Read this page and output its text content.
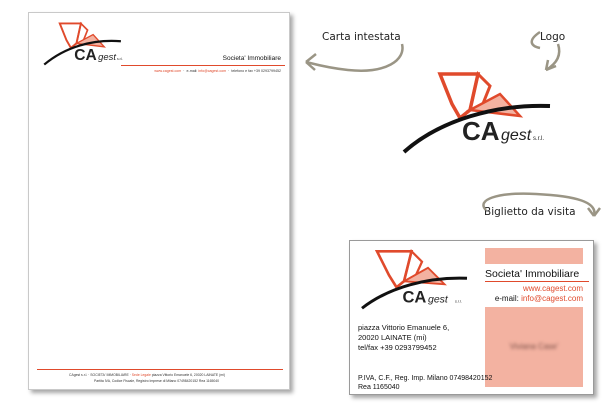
CA gest s.r.l.	Societa' Immobiliare
www.cagest.com  ·  e-mail: info@cagest.com  ·  telefono e fax +39 0293799452
CAgest s.r.l. · SOCIETA' IMMOBILIARE · Sede Legale piazza Vittorio Emanuele 6, 20020 LAINATE (mi)
Partita IVA, Codice Fiscale, Registro Imprese di Milano 07498420152 Rea 1165040
Carta intestata	Logo
Biglietto da visita
CA gest s.r.l.
CA gest s.r.l.
Societa' Immobiliare
www.cagest.com
e-mail: info@cagest.com
Viviana Case'
piazza Vittorio Emanuele 6,
20020 LAINATE (mi)
tel/fax +39 0293799452
P.IVA, C.F., Reg. Imp. Milano 07498420152
Rea 1165040
